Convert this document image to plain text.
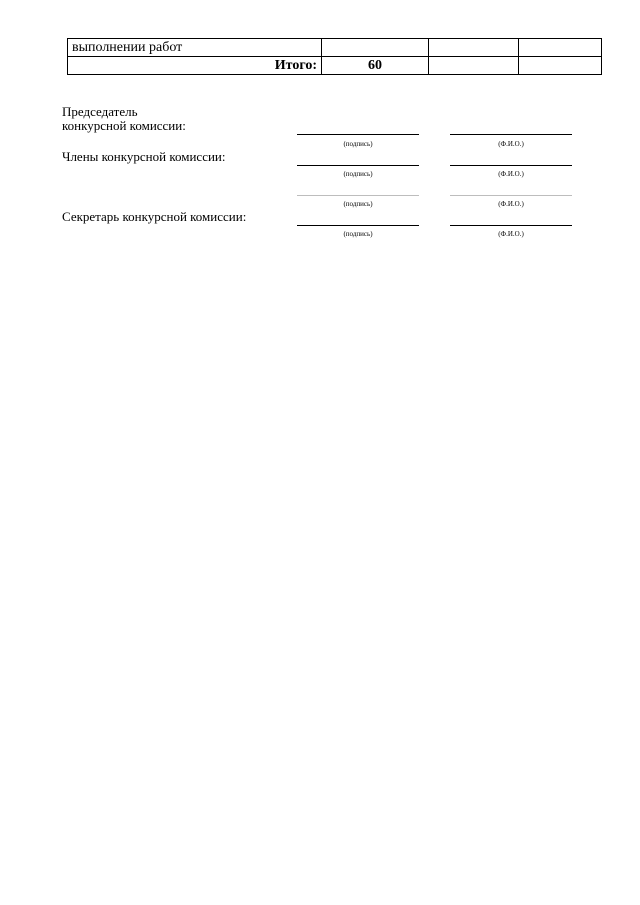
выполнении работ			
Итого:	60		
Председатель
конкурсной комиссии:
(подпись)	(Ф.И.О.)
Члены конкурсной комиссии:
(подпись)	(Ф.И.О.)
(подпись)	(Ф.И.О.)
Секретарь конкурсной комиссии:
(подпись)	(Ф.И.О.)
